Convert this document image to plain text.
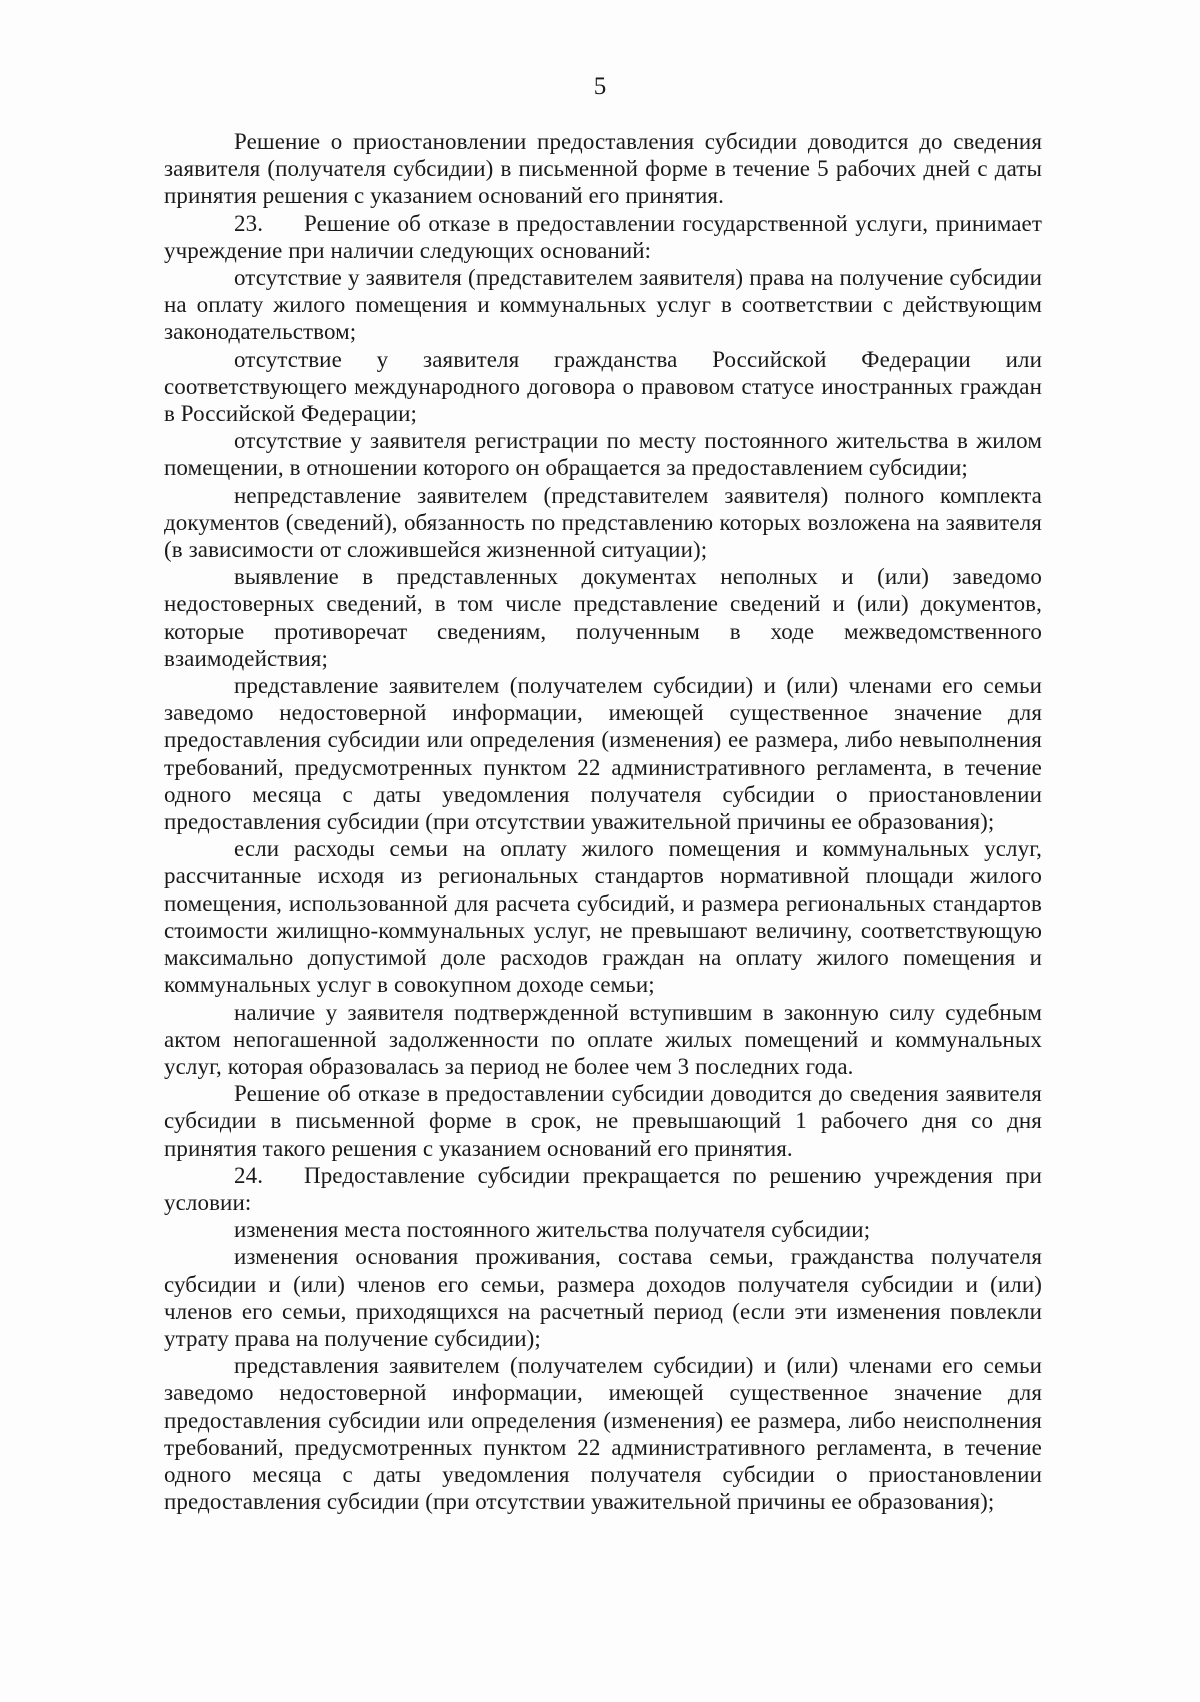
5

Решение о приостановлении предоставления субсидии доводится до сведения заявителя (получателя субсидии) в письменной форме в течение 5 рабочих дней с даты принятия решения с указанием оснований его принятия.

23. Решение об отказе в предоставлении государственной услуги, принимает учреждение при наличии следующих оснований:

отсутствие у заявителя (представителем заявителя) права на получение субсидии на оплату жилого помещения и коммунальных услуг в соответствии с действующим законодательством;

отсутствие у заявителя гражданства Российской Федерации или соответствующего международного договора о правовом статусе иностранных граждан в Российской Федерации;

отсутствие у заявителя регистрации по месту постоянного жительства в жилом помещении, в отношении которого он обращается за предоставлением субсидии;

непредставление заявителем (представителем заявителя) полного комплекта документов (сведений), обязанность по представлению которых возложена на заявителя (в зависимости от сложившейся жизненной ситуации);

выявление в представленных документах неполных и (или) заведомо недостоверных сведений, в том числе представление сведений и (или) документов, которые противоречат сведениям, полученным в ходе межведомственного взаимодействия;

представление заявителем (получателем субсидии) и (или) членами его семьи заведомо недостоверной информации, имеющей существенное значение для предоставления субсидии или определения (изменения) ее размера, либо невыполнения требований, предусмотренных пунктом 22 административного регламента, в течение одного месяца с даты уведомления получателя субсидии о приостановлении предоставления субсидии (при отсутствии уважительной причины ее образования);

если расходы семьи на оплату жилого помещения и коммунальных услуг, рассчитанные исходя из региональных стандартов нормативной площади жилого помещения, использованной для расчета субсидий, и размера региональных стандартов стоимости жилищно-коммунальных услуг, не превышают величину, соответствующую максимально допустимой доле расходов граждан на оплату жилого помещения и коммунальных услуг в совокупном доходе семьи;

наличие у заявителя подтвержденной вступившим в законную силу судебным актом непогашенной задолженности по оплате жилых помещений и коммунальных услуг, которая образовалась за период не более чем 3 последних года.

Решение об отказе в предоставлении субсидии доводится до сведения заявителя субсидии в письменной форме в срок, не превышающий 1 рабочего дня со дня принятия такого решения с указанием оснований его принятия.

24. Предоставление субсидии прекращается по решению учреждения при условии:

изменения места постоянного жительства получателя субсидии;

изменения основания проживания, состава семьи, гражданства получателя субсидии и (или) членов его семьи, размера доходов получателя субсидии и (или) членов его семьи, приходящихся на расчетный период (если эти изменения повлекли утрату права на получение субсидии);

представления заявителем (получателем субсидии) и (или) членами его семьи заведомо недостоверной информации, имеющей существенное значение для предоставления субсидии или определения (изменения) ее размера, либо неисполнения требований, предусмотренных пунктом 22 административного регламента, в течение одного месяца с даты уведомления получателя субсидии о приостановлении предоставления субсидии (при отсутствии уважительной причины ее образования);
